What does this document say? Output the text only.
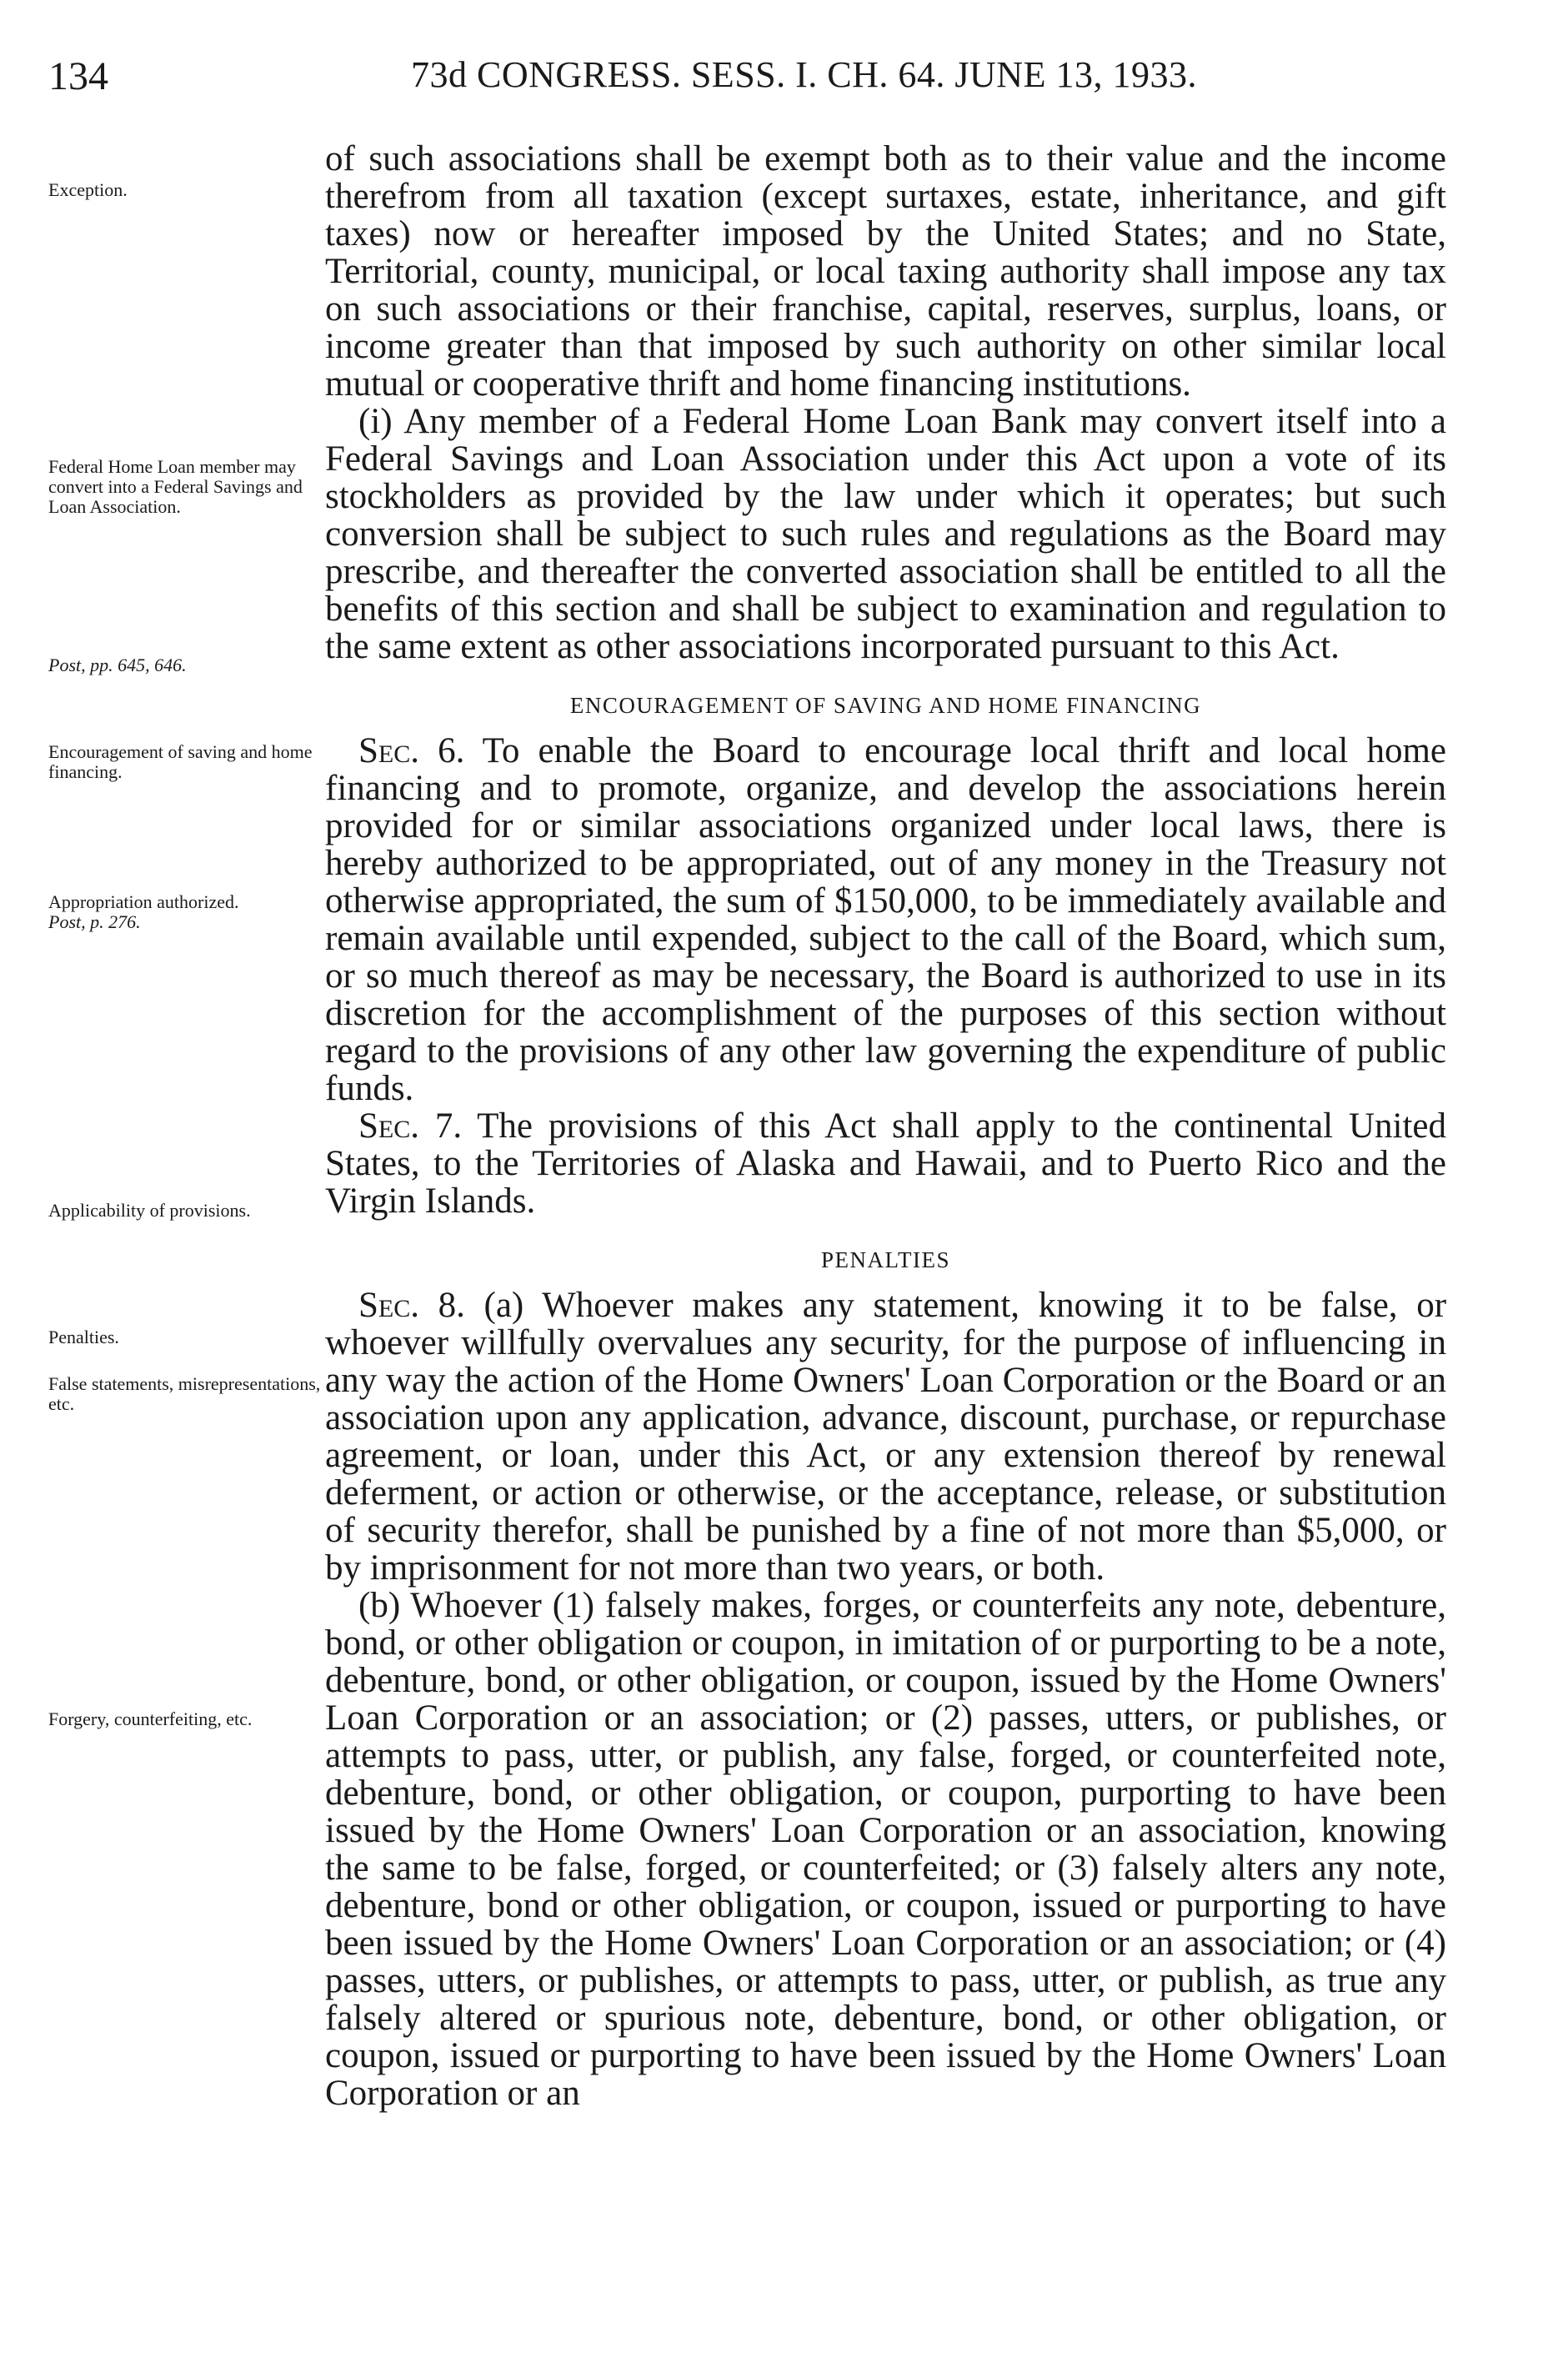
134	73d CONGRESS. SESS. I. CH. 64. JUNE 13, 1933.
Exception.
Federal Home Loan member may convert into a Federal Savings and Loan Association.
Post, pp. 645, 646.
Encouragement of saving and home financing.
Appropriation authorized.
Post, p. 276.
Applicability of provisions.
Penalties.
False statements, misrepresentations, etc.
Forgery, counterfeiting, etc.

of such associations shall be exempt both as to their value and the income therefrom from all taxation (except surtaxes, estate, inheritance, and gift taxes) now or hereafter imposed by the United States; and no State, Territorial, county, municipal, or local taxing authority shall impose any tax on such associations or their franchise, capital, reserves, surplus, loans, or income greater than that imposed by such authority on other similar local mutual or cooperative thrift and home financing institutions.

(i) Any member of a Federal Home Loan Bank may convert itself into a Federal Savings and Loan Association under this Act upon a vote of its stockholders as provided by the law under which it operates; but such conversion shall be subject to such rules and regulations as the Board may prescribe, and thereafter the converted association shall be entitled to all the benefits of this section and shall be subject to examination and regulation to the same extent as other associations incorporated pursuant to this Act.

ENCOURAGEMENT OF SAVING AND HOME FINANCING

Sec. 6. To enable the Board to encourage local thrift and local home financing and to promote, organize, and develop the associations herein provided for or similar associations organized under local laws, there is hereby authorized to be appropriated, out of any money in the Treasury not otherwise appropriated, the sum of $150,000, to be immediately available and remain available until expended, subject to the call of the Board, which sum, or so much thereof as may be necessary, the Board is authorized to use in its discretion for the accomplishment of the purposes of this section without regard to the provisions of any other law governing the expenditure of public funds.

Sec. 7. The provisions of this Act shall apply to the continental United States, to the Territories of Alaska and Hawaii, and to Puerto Rico and the Virgin Islands.

PENALTIES

Sec. 8. (a) Whoever makes any statement, knowing it to be false, or whoever willfully overvalues any security, for the purpose of influencing in any way the action of the Home Owners' Loan Corporation or the Board or an association upon any application, advance, discount, purchase, or repurchase agreement, or loan, under this Act, or any extension thereof by renewal deferment, or action or otherwise, or the acceptance, release, or substitution of security therefor, shall be punished by a fine of not more than $5,000, or by imprisonment for not more than two years, or both.

(b) Whoever (1) falsely makes, forges, or counterfeits any note, debenture, bond, or other obligation or coupon, in imitation of or purporting to be a note, debenture, bond, or other obligation, or coupon, issued by the Home Owners' Loan Corporation or an association; or (2) passes, utters, or publishes, or attempts to pass, utter, or publish, any false, forged, or counterfeited note, debenture, bond, or other obligation, or coupon, purporting to have been issued by the Home Owners' Loan Corporation or an association, knowing the same to be false, forged, or counterfeited; or (3) falsely alters any note, debenture, bond or other obligation, or coupon, issued or purporting to have been issued by the Home Owners' Loan Corporation or an association; or (4) passes, utters, or publishes, or attempts to pass, utter, or publish, as true any falsely altered or spurious note, debenture, bond, or other obligation, or coupon, issued or purporting to have been issued by the Home Owners' Loan Corporation or an
